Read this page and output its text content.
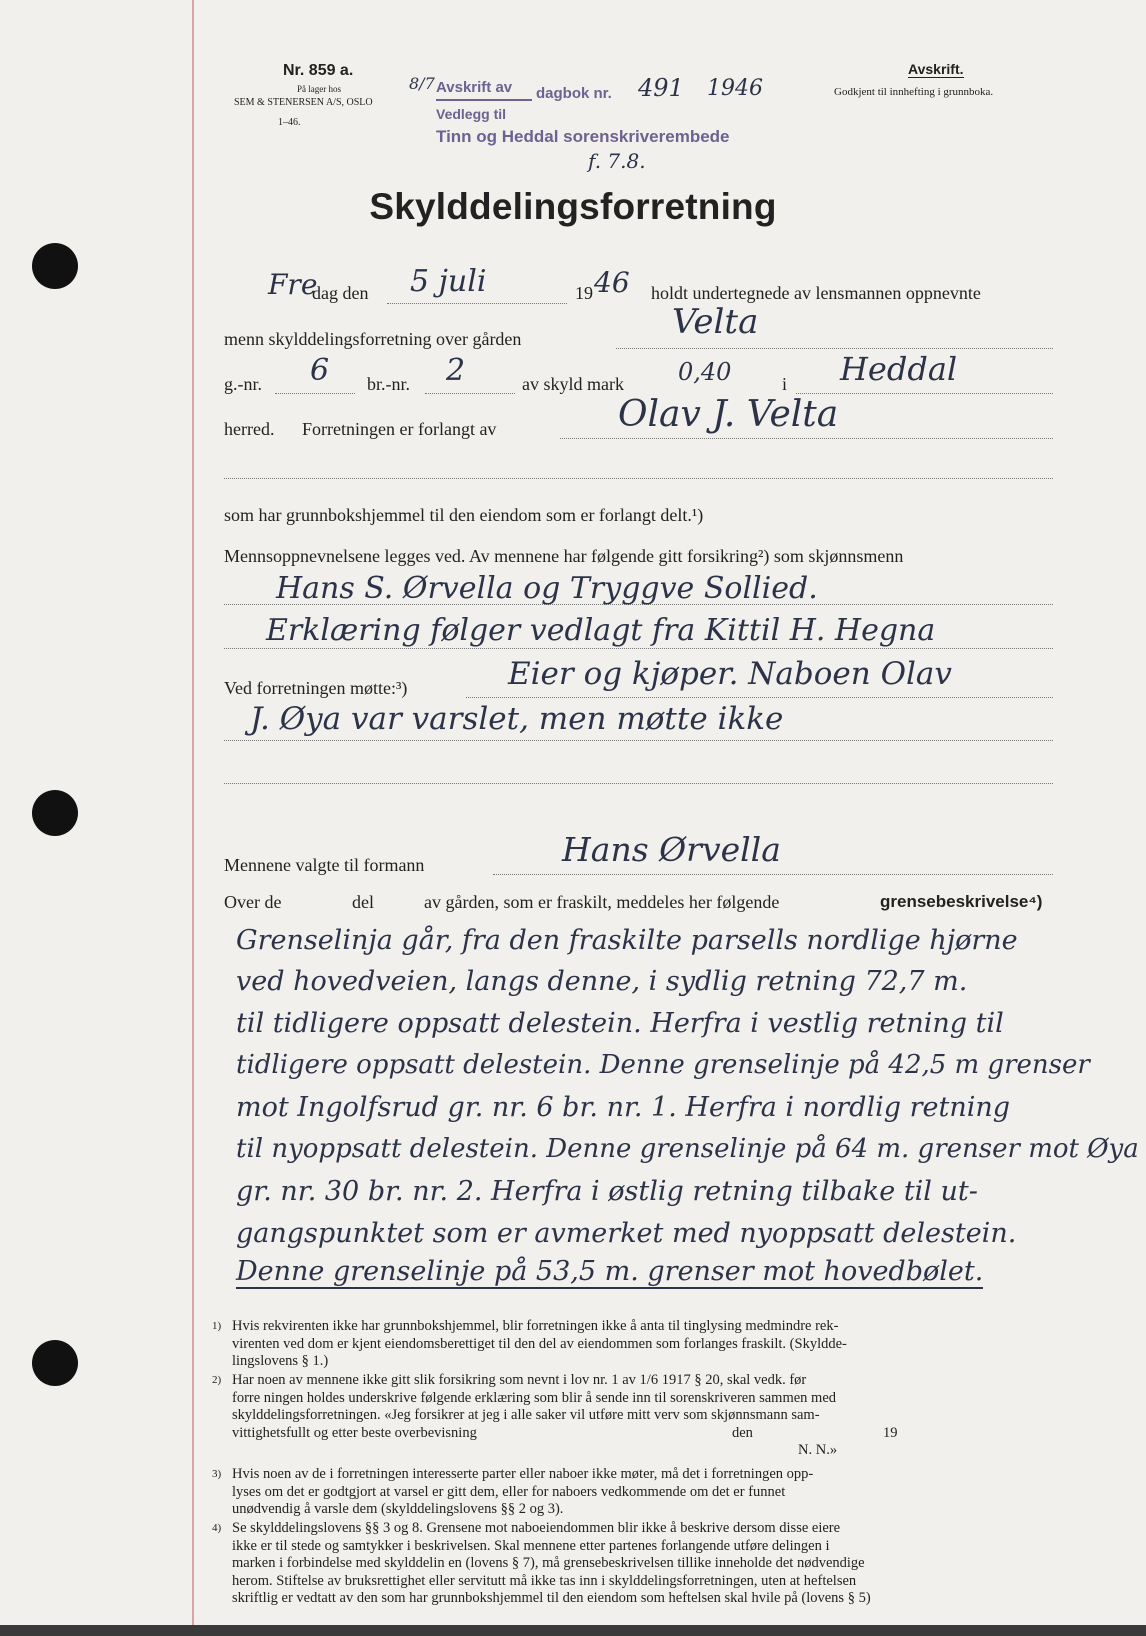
Nr. 859 a.
På lager hos
SEM & STENERSEN A/S, OSLO
1–46.
8/7 Avskrift av dagbok nr. 491 1946
Vedlegg til
Tinn og Heddal sorenskriverembede
f. 7.8.
Avskrift.
Godkjent til innhefting i grunnboka.
Skylddelingsforretning
Fre
dag den 5 juli	19 46 holdt undertegnede av lensmannen oppnevnte
menn skylddelingsforretning over gården	Velta
g.-nr. 6 br.-nr. 2	av skyld mark 0,40	i Heddal
herred. Forretningen er forlangt av	Olav J. Velta
som har grunnbokshjemmel til den eiendom som er forlangt delt.¹)
Mennsoppnevnelsene legges ved. Av mennene har følgende gitt forsikring²) som skjønnsmenn
Hans S. Ørvella og Tryggve Sollied.
Erklæring følger vedlagt fra Kittil H. Hegna
Ved forretningen møtte:³)	Eier og kjøper. Naboen Olav
J. Øya var varslet, men møtte ikke
Mennene valgte til formann	Hans Ørvella
Over de	del	av gården, som er fraskilt, meddeles her følgende	grensebeskrivelse⁴)
Grenselinja går, fra den fraskilte parsells nordlige hjørne
ved hovedveien, langs denne, i sydlig retning 72,7 m.
til tidligere oppsatt delestein. Herfra i vestlig retning til
tidligere oppsatt delestein. Denne grenselinje på 42,5 m grenser
mot Ingolfsrud gr. nr. 6 br. nr. 1. Herfra i nordlig retning
til nyoppsatt delestein. Denne grenselinje på 64 m. grenser mot Øya
gr. nr. 30 br. nr. 2. Herfra i østlig retning tilbake til ut-
gangspunktet som er avmerket med nyoppsatt delestein.
Denne grenselinje på 53,5 m. grenser mot hovedbølet.
1) Hvis rekvirenten ikke har grunnbokshjemmel, blir forretningen ikke å anta til tinglysing medmindre rek-
virenten ved dom er kjent eiendomsberettiget til den del av eiendommen som forlanges fraskilt. (Skyldde-
lingslovens § 1.)
2) Har noen av mennene ikke gitt slik forsikring som nevnt i lov nr. 1 av 1/6 1917 § 20, skal vedk. før
forre ningen holdes underskrive følgende erklæring som blir å sende inn til sorenskriveren sammen med
skylddelingsforretningen. «Jeg forsikrer at jeg i alle saker vil utføre mitt verv som skjønnsmann sam-
vittighetsfullt og etter beste overbevisning	den	19
N. N.»
3) Hvis noen av de i forretningen interesserte parter eller naboer ikke møter, må det i forretningen opp-
lyses om det er godtgjort at varsel er gitt dem, eller for naboers vedkommende om det er funnet
unødvendig å varsle dem (skylddelingslovens §§ 2 og 3).
4) Se skylddelingslovens §§ 3 og 8. Grensene mot naboeiendommen blir ikke å beskrive dersom disse eiere
ikke er til stede og samtykker i beskrivelsen. Skal mennene etter partenes forlangende utføre delingen i
marken i forbindelse med skylddelin en (lovens § 7), må grensebeskrivelsen tillike inneholde det nødvendige
herom. Stiftelse av bruksrettighet eller servitutt må ikke tas inn i skylddelingsforretningen, uten at heftelsen
skriftlig er vedtatt av den som har grunnbokshjemmel til den eiendom som heftelsen skal hvile på (lovens § 5)
